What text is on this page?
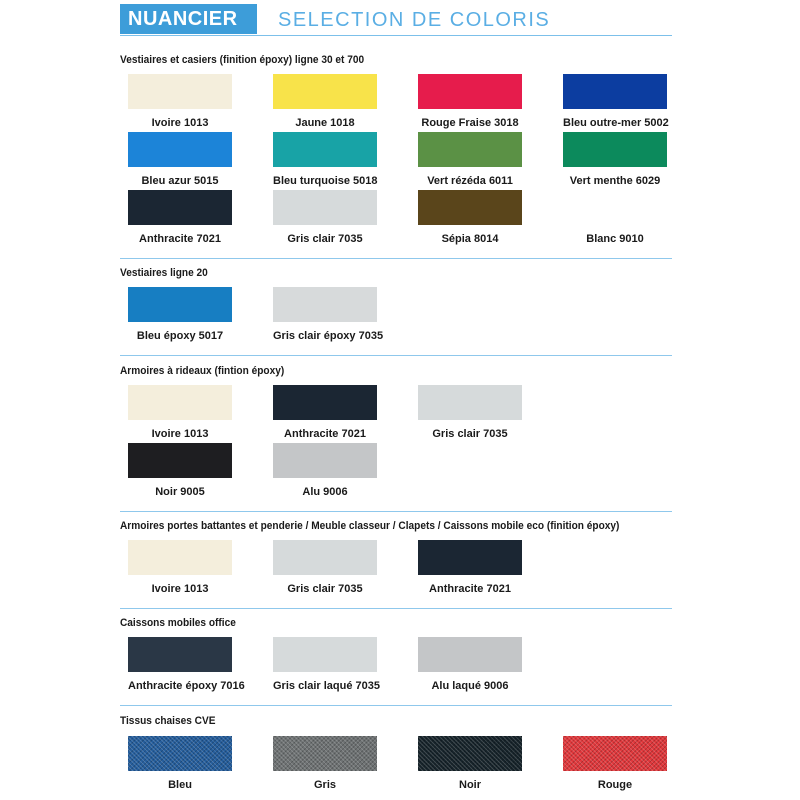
NUANCIER	SELECTION DE COLORIS
Vestiaires et casiers (finition époxy) ligne 30 et 700
Ivoire 1013	Jaune 1018	Rouge Fraise 3018	Bleu outre-mer 5002
Bleu azur 5015	Bleu turquoise 5018	Vert rézéda 6011	Vert menthe 6029
Anthracite 7021	Gris clair 7035	Sépia 8014	Blanc 9010
Vestiaires ligne 20
Bleu époxy 5017	Gris clair époxy 7035
Armoires à rideaux (fintion époxy)
Ivoire 1013	Anthracite 7021	Gris clair 7035
Noir 9005	Alu 9006
Armoires portes battantes et penderie / Meuble classeur / Clapets / Caissons mobile eco (finition époxy)
Ivoire 1013	Gris clair 7035	Anthracite 7021
Caissons mobiles office
Anthracite époxy 7016	Gris clair laqué 7035	Alu laqué 9006
Tissus chaises CVE
Bleu	Gris	Noir	Rouge
